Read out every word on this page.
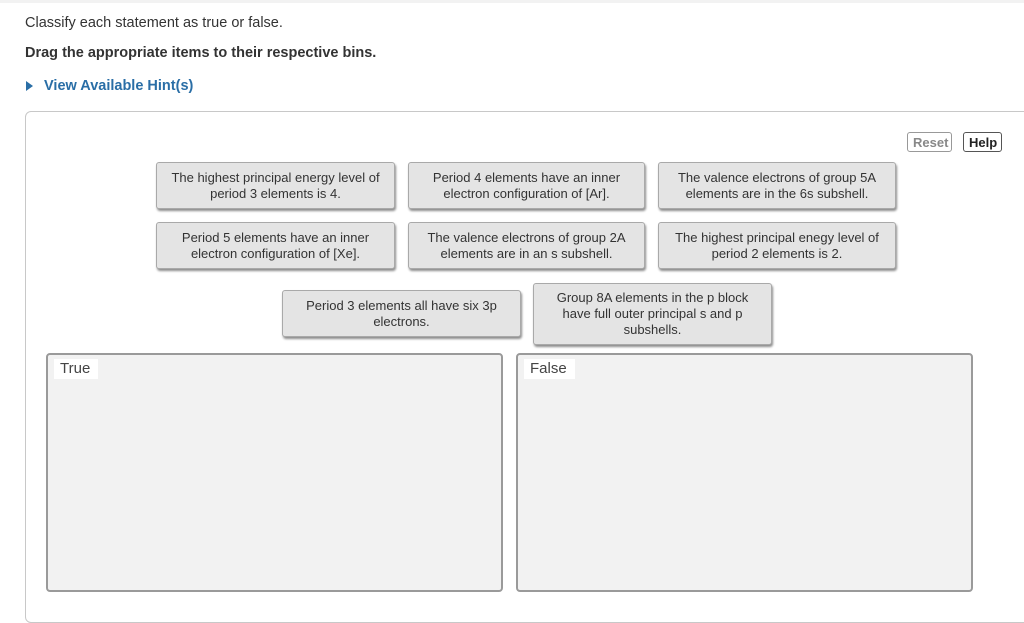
Classify each statement as true or false.
Drag the appropriate items to their respective bins.
View Available Hint(s)
Reset	Help
The highest principal energy level of period 3 elements is 4.
Period 4 elements have an inner electron configuration of [Ar].
The valence electrons of group 5A elements are in the 6s subshell.
Period 5 elements have an inner electron configuration of [Xe].
The valence electrons of group 2A elements are in an s subshell.
The highest principal enegy level of period 2 elements is 2.
Period 3 elements all have six 3p electrons.
Group 8A elements in the p block have full outer principal s and p subshells.
True	False
